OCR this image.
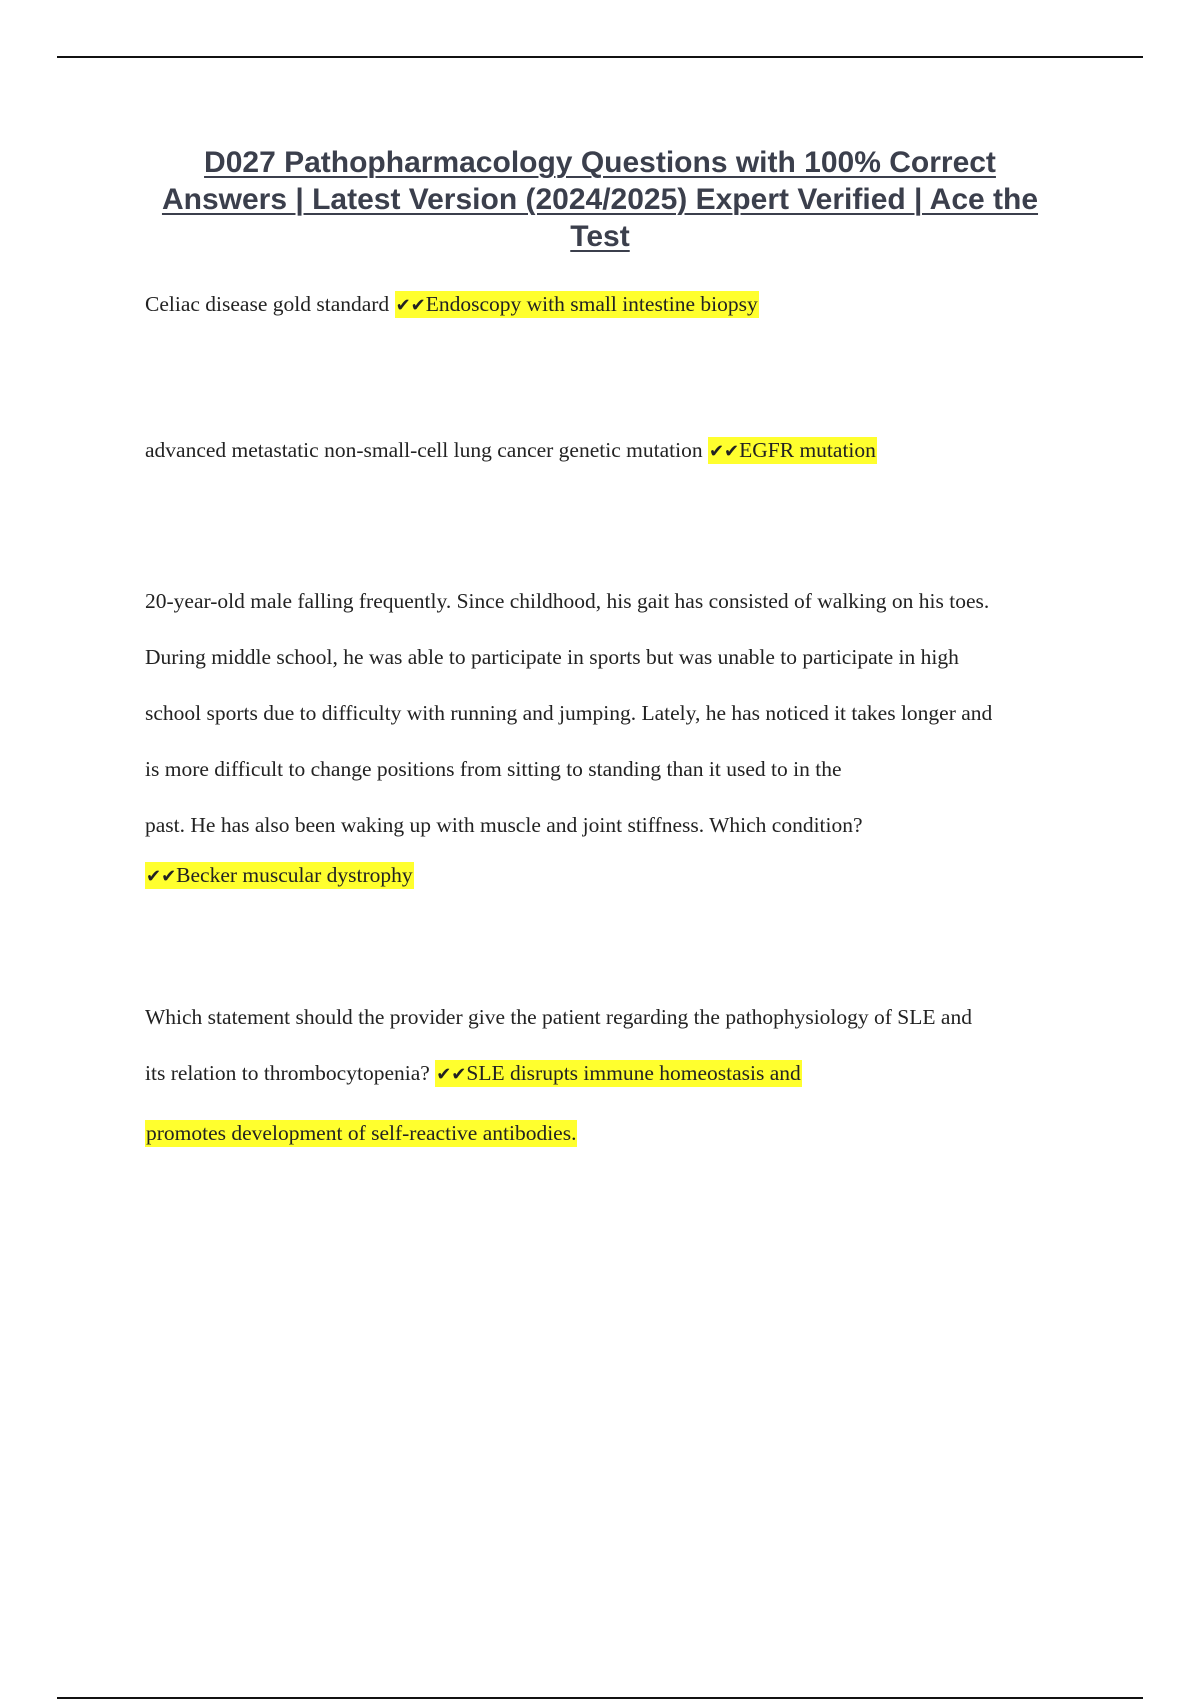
D027 Pathopharmacology Questions with 100% Correct Answers | Latest Version (2024/2025) Expert Verified | Ace the Test
Celiac disease gold standard ✔✔Endoscopy with small intestine biopsy
advanced metastatic non-small-cell lung cancer genetic mutation ✔✔EGFR mutation
20-year-old male falling frequently. Since childhood, his gait has consisted of walking on his toes.
During middle school, he was able to participate in sports but was unable to participate in high
school sports due to difficulty with running and jumping. Lately, he has noticed it takes longer and
is more difficult to change positions from sitting to standing than it used to in the
past. He has also been waking up with muscle and joint stiffness. Which condition?
✔✔Becker muscular dystrophy
Which statement should the provider give the patient regarding the pathophysiology of SLE and
its relation to thrombocytopenia? ✔✔SLE disrupts immune homeostasis and
promotes development of self-reactive antibodies.
